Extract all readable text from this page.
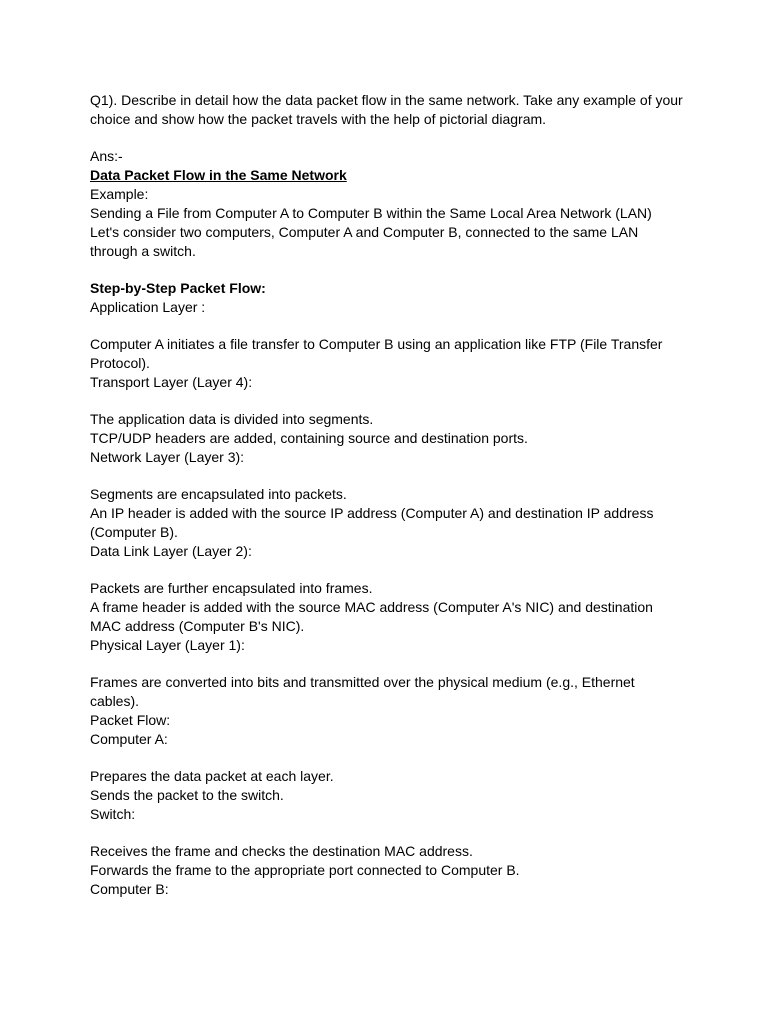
Q1). Describe in detail how the data packet flow in the same network. Take any example of your
choice and show how the packet travels with the help of pictorial diagram.
Ans:-
Data Packet Flow in the Same Network
Example:
Sending a File from Computer A to Computer B within the Same Local Area Network (LAN)
Let's consider two computers, Computer A and Computer B, connected to the same LAN
through a switch.
Step-by-Step Packet Flow:
Application Layer :
Computer A initiates a file transfer to Computer B using an application like FTP (File Transfer
Protocol).
Transport Layer (Layer 4):
The application data is divided into segments.
TCP/UDP headers are added, containing source and destination ports.
Network Layer (Layer 3):
Segments are encapsulated into packets.
An IP header is added with the source IP address (Computer A) and destination IP address
(Computer B).
Data Link Layer (Layer 2):
Packets are further encapsulated into frames.
A frame header is added with the source MAC address (Computer A's NIC) and destination
MAC address (Computer B's NIC).
Physical Layer (Layer 1):
Frames are converted into bits and transmitted over the physical medium (e.g., Ethernet
cables).
Packet Flow:
Computer A:
Prepares the data packet at each layer.
Sends the packet to the switch.
Switch:
Receives the frame and checks the destination MAC address.
Forwards the frame to the appropriate port connected to Computer B.
Computer B:
